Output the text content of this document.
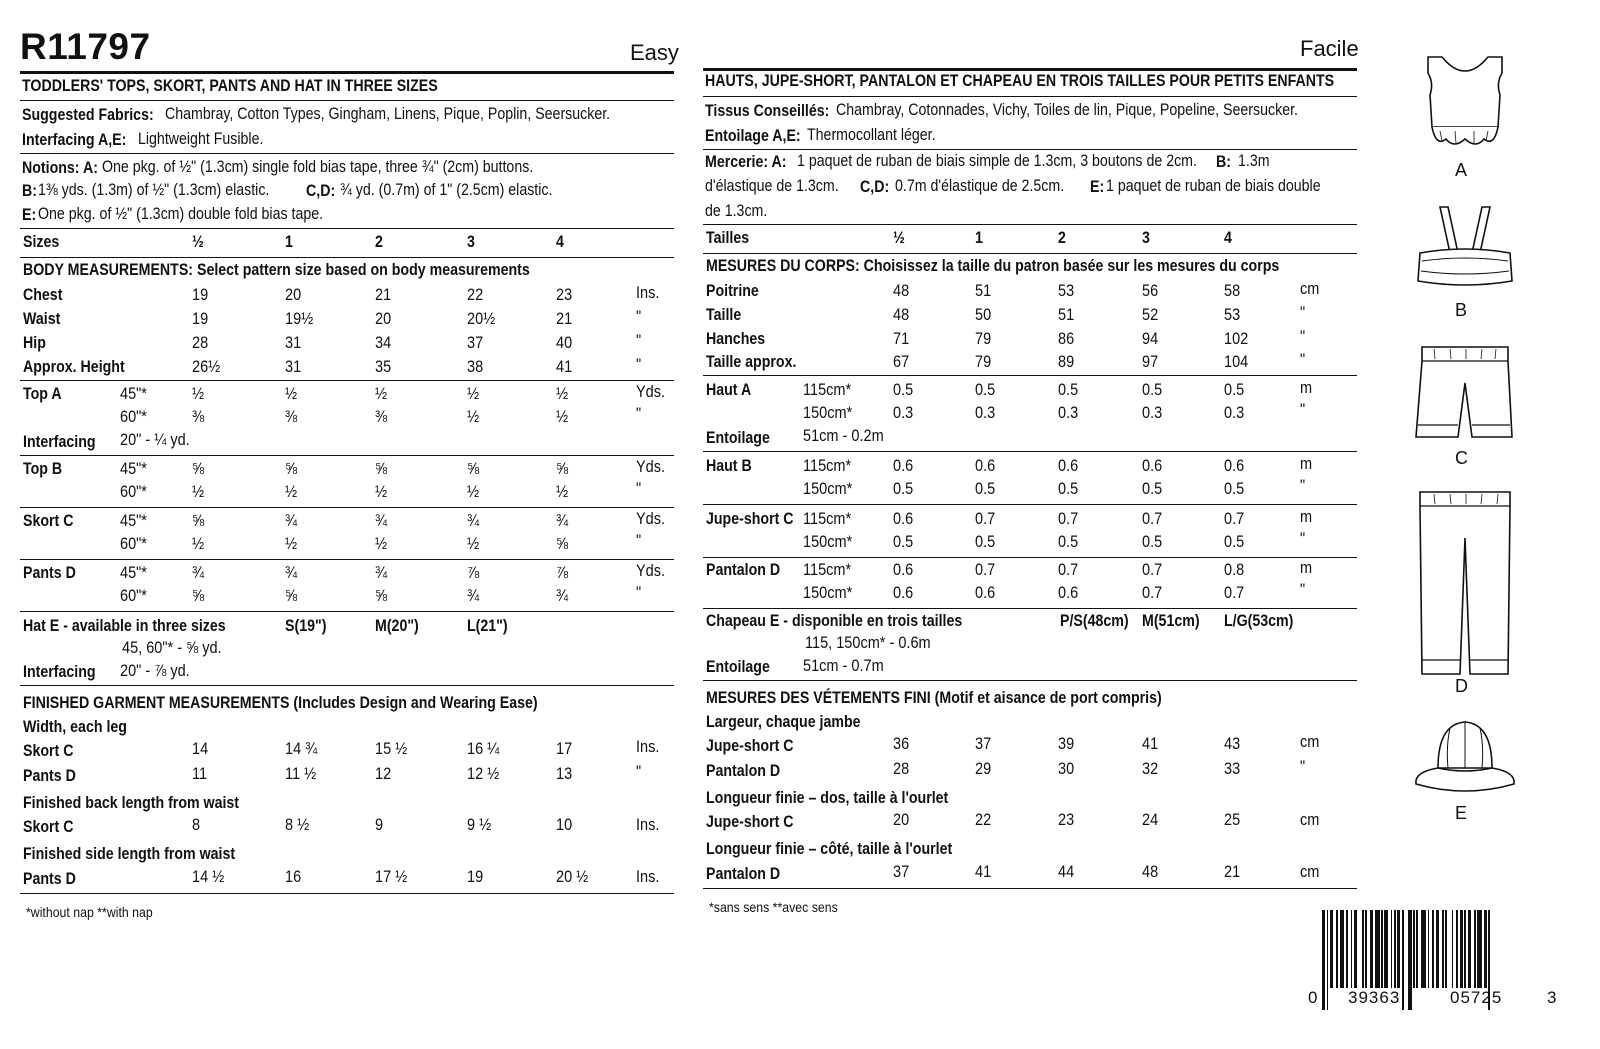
R11797	Easy
TODDLERS' TOPS, SKORT, PANTS AND HAT IN THREE SIZES
Suggested Fabrics: Chambray, Cotton Types, Gingham, Linens, Pique, Poplin, Seersucker.
Interfacing A,E: Lightweight Fusible.
Notions: A: One pkg. of ½" (1.3cm) single fold bias tape, three ¾" (2cm) buttons.
B: 1⅜ yds. (1.3m) of ½" (1.3cm) elastic. C,D: ¾ yd. (0.7m) of 1" (2.5cm) elastic.
E: One pkg. of ½" (1.3cm) double fold bias tape.
Sizes	½	1	2	3	4
BODY MEASUREMENTS: Select pattern size based on body measurements
Chest	19	20	21	22	23	Ins.
Waist	19	19½	20	20½	21	"
Hip	28	31	34	37	40	"
Approx. Height	26½	31	35	38	41	"
Top A	45"*	½	½	½	½	½	Yds.
60"*	⅜	⅜	⅜	½	½	"
Interfacing 20" - ¼ yd.
Top B	45"*	⅝	⅝	⅝	⅝	⅝	Yds.
60"*	½	½	½	½	½	"
Skort C	45"*	⅝	¾	¾	¾	¾	Yds.
60"*	½	½	½	½	⅝	"
Pants D	45"*	¾	¾	¾	⅞	⅞	Yds.
60"*	⅝	⅝	⅝	¾	¾	"
Hat E - available in three sizes	S(19")	M(20")	L(21")
45, 60"* - ⅝ yd.
Interfacing 20" - ⅞ yd.
FINISHED GARMENT MEASUREMENTS (Includes Design and Wearing Ease)
Width, each leg
Skort C	14	14 ¾	15 ½	16 ¼	17	Ins.
Pants D	11	11 ½	12	12 ½	13	"
Finished back length from waist
Skort C	8	8 ½	9	9 ½	10	Ins.
Finished side length from waist
Pants D	14 ½	16	17 ½	19	20 ½	Ins.
*without nap **with nap
Facile
HAUTS, JUPE-SHORT, PANTALON ET CHAPEAU EN TROIS TAILLES POUR PETITS ENFANTS
Tissus Conseillés: Chambray, Cotonnades, Vichy, Toiles de lin, Pique, Popeline, Seersucker.
Entoilage A,E: Thermocollant léger.
Mercerie: A: 1 paquet de ruban de biais simple de 1.3cm, 3 boutons de 2cm. B: 1.3m
d'élastique de 1.3cm. C,D: 0.7m d'élastique de 2.5cm. E: 1 paquet de ruban de biais double
de 1.3cm.
Tailles	½	1	2	3	4
MESURES DU CORPS: Choisissez la taille du patron basée sur les mesures du corps
Poitrine	48	51	53	56	58	cm
Taille	48	50	51	52	53	"
Hanches	71	79	86	94	102	"
Taille approx.	67	79	89	97	104	"
Haut A	115cm*	0.5	0.5	0.5	0.5	0.5	m
150cm* 0.3	0.3	0.3	0.3	0.3	"
Entoilage 51cm - 0.2m
Haut B	115cm*	0.6	0.6	0.6	0.6	0.6	m
150cm* 0.5	0.5	0.5	0.5	0.5	"
Jupe-short C 115cm*	0.6	0.7	0.7	0.7	0.7	m
150cm* 0.5	0.5	0.5	0.5	0.5	"
Pantalon D 115cm*	0.6	0.7	0.7	0.7	0.8	m
150cm* 0.6	0.6	0.6	0.7	0.7	"
Chapeau E - disponible en trois tailles	P/S(48cm) M(51cm) L/G(53cm)
115, 150cm* - 0.6m
Entoilage 51cm - 0.7m
MESURES DES VÉTEMENTS FINI (Motif et aisance de port compris)
Largeur, chaque jambe
Jupe-short C	36	37	39	41	43	cm
Pantalon D	28	29	30	32	33	"
Longueur finie – dos, taille à l'ourlet
Jupe-short C	20	22	23	24	25	cm
Longueur finie – côté, taille à l'ourlet
Pantalon D	37	41	44	48	21	cm
*sans sens **avec sens
A
B
C
D
E
0 39363	05725	3
